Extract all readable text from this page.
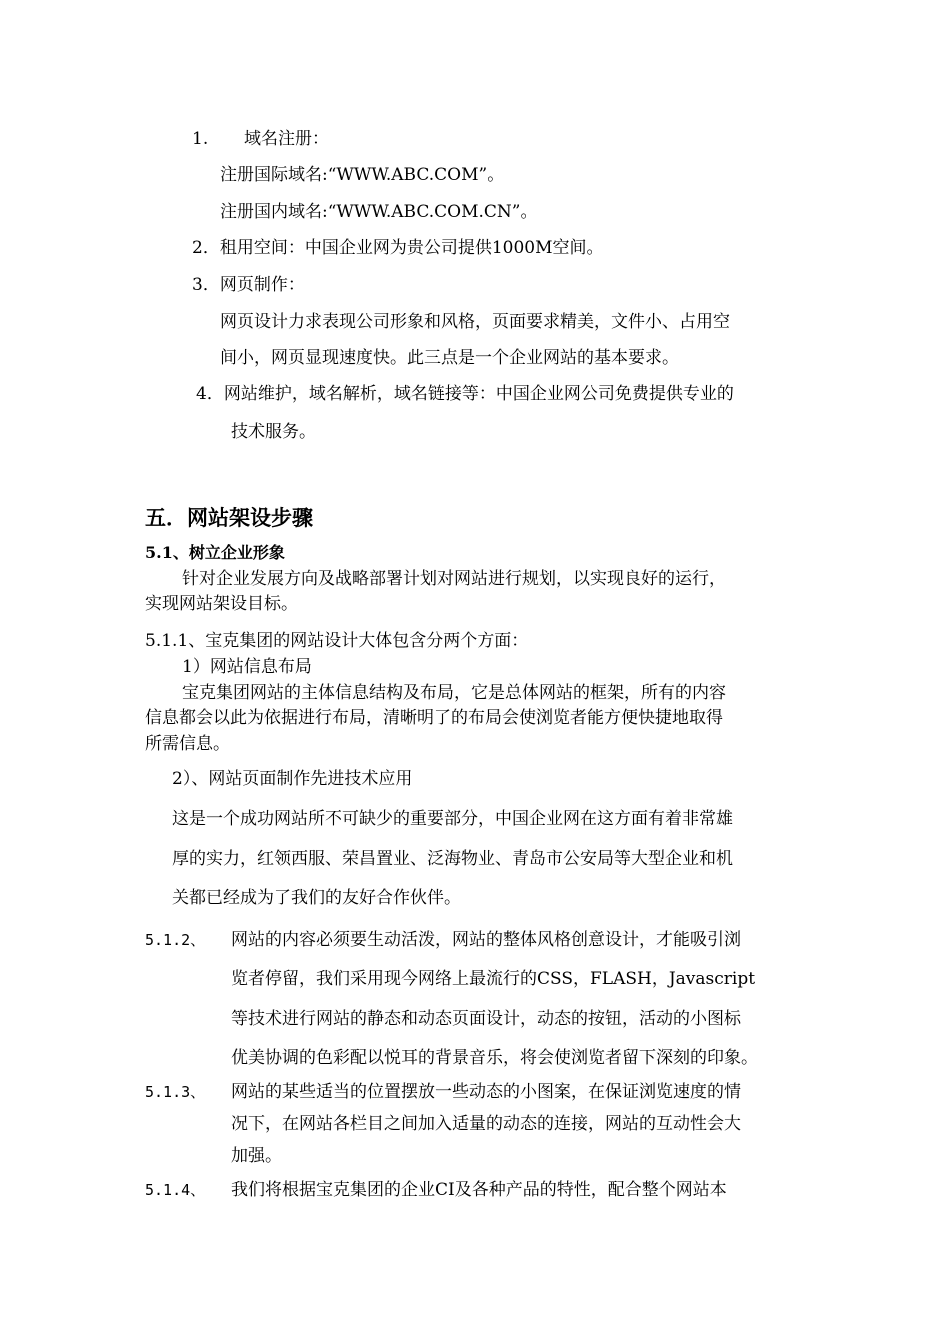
1. 域名注册：
注册国际域名:“WWW.ABC.COM”。
注册国内域名:“WWW.ABC.COM.CN”。
2．租用空间：中国企业网为贵公司提供1000M空间。
3．网页制作：
网页设计力求表现公司形象和风格，页面要求精美，文件小、占用空
间小，网页显现速度快。此三点是一个企业网站的基本要求。
4．网站维护，域名解析，域名链接等：中国企业网公司免费提供专业的
技术服务。
五．网站架设步骤
5.1、树立企业形象
针对企业发展方向及战略部署计划对网站进行规划，以实现良好的运行，
实现网站架设目标。
5.1.1、宝克集团的网站设计大体包含分两个方面：
1）网站信息布局
宝克集团网站的主体信息结构及布局，它是总体网站的框架，所有的内容
信息都会以此为依据进行布局，清晰明了的布局会使浏览者能方便快捷地取得
所需信息。
2）、网站页面制作先进技术应用
这是一个成功网站所不可缺少的重要部分，中国企业网在这方面有着非常雄
厚的实力，红领西服、荣昌置业、泛海物业、青岛市公安局等大型企业和机
关都已经成为了我们的友好合作伙伴。
5.1.2、 网站的内容必须要生动活泼，网站的整体风格创意设计，才能吸引浏
览者停留，我们采用现今网络上最流行的CSS，FLASH，Javascript
等技术进行网站的静态和动态页面设计，动态的按钮，活动的小图标
优美协调的色彩配以悦耳的背景音乐，将会使浏览者留下深刻的印象。
5.1.3、 网站的某些适当的位置摆放一些动态的小图案，在保证浏览速度的情
况下，在网站各栏目之间加入适量的动态的连接，网站的互动性会大
加强。
5.1.4、 我们将根据宝克集团的企业CI及各种产品的特性，配合整个网站本
